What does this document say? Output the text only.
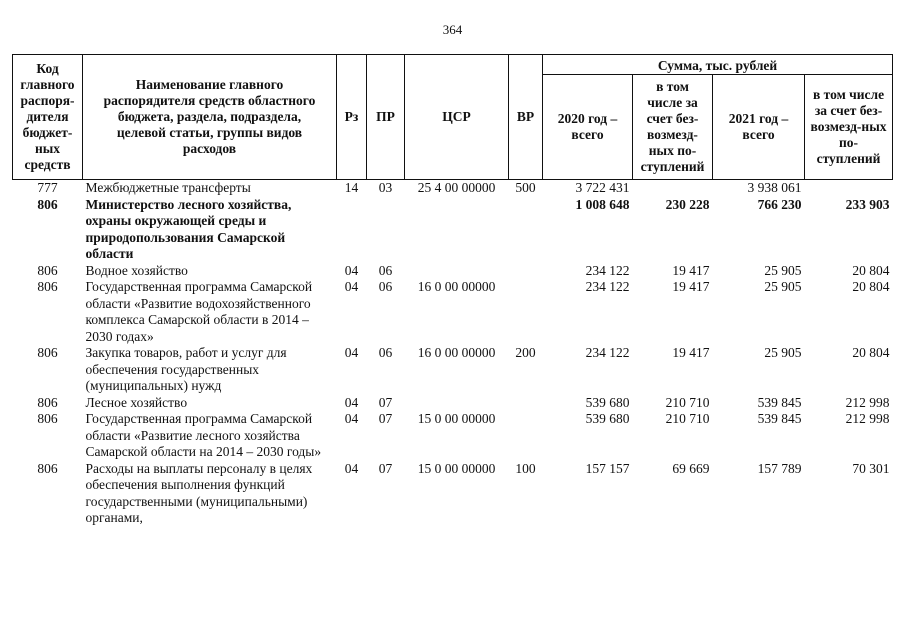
364
Код главного распоря-дителя бюджет-ных средств	Наименование главного распорядителя средств областного бюджета, раздела, подраздела, целевой статьи, группы видов расходов	Рз	ПР	ЦСР	ВР	Сумма, тыс. рублей			
						2020 год – всего	в том числе за счет без-возмезд-ных по-ступлений	2021 год – всего	в том числе за счет без-возмезд-ных по-ступлений
777	Межбюджетные трансферты	14	03	25 4 00 00000	500	3 722 431		3 938 061	
806	Министерство лесного хозяйства, охраны окружающей среды и природопользования Самарской области					1 008 648	230 228	766 230	233 903
806	Водное хозяйство	04	06			234 122	19 417	25 905	20 804
806	Государственная программа Самарской области «Развитие водохозяйственного комплекса Самарской области в 2014 – 2030 годах»	04	06	16 0 00 00000		234 122	19 417	25 905	20 804
806	Закупка товаров, работ и услуг для обеспечения государственных (муниципальных) нужд	04	06	16 0 00 00000	200	234 122	19 417	25 905	20 804
806	Лесное хозяйство	04	07			539 680	210 710	539 845	212 998
806	Государственная программа Самарской области «Развитие лесного хозяйства Самарской области на 2014 – 2030 годы»	04	07	15 0 00 00000		539 680	210 710	539 845	212 998
806	Расходы на выплаты персоналу в целях обеспечения выполнения функций государственными (муниципальными) органами,	04	07	15 0 00 00000	100	157 157	69 669	157 789	70 301
